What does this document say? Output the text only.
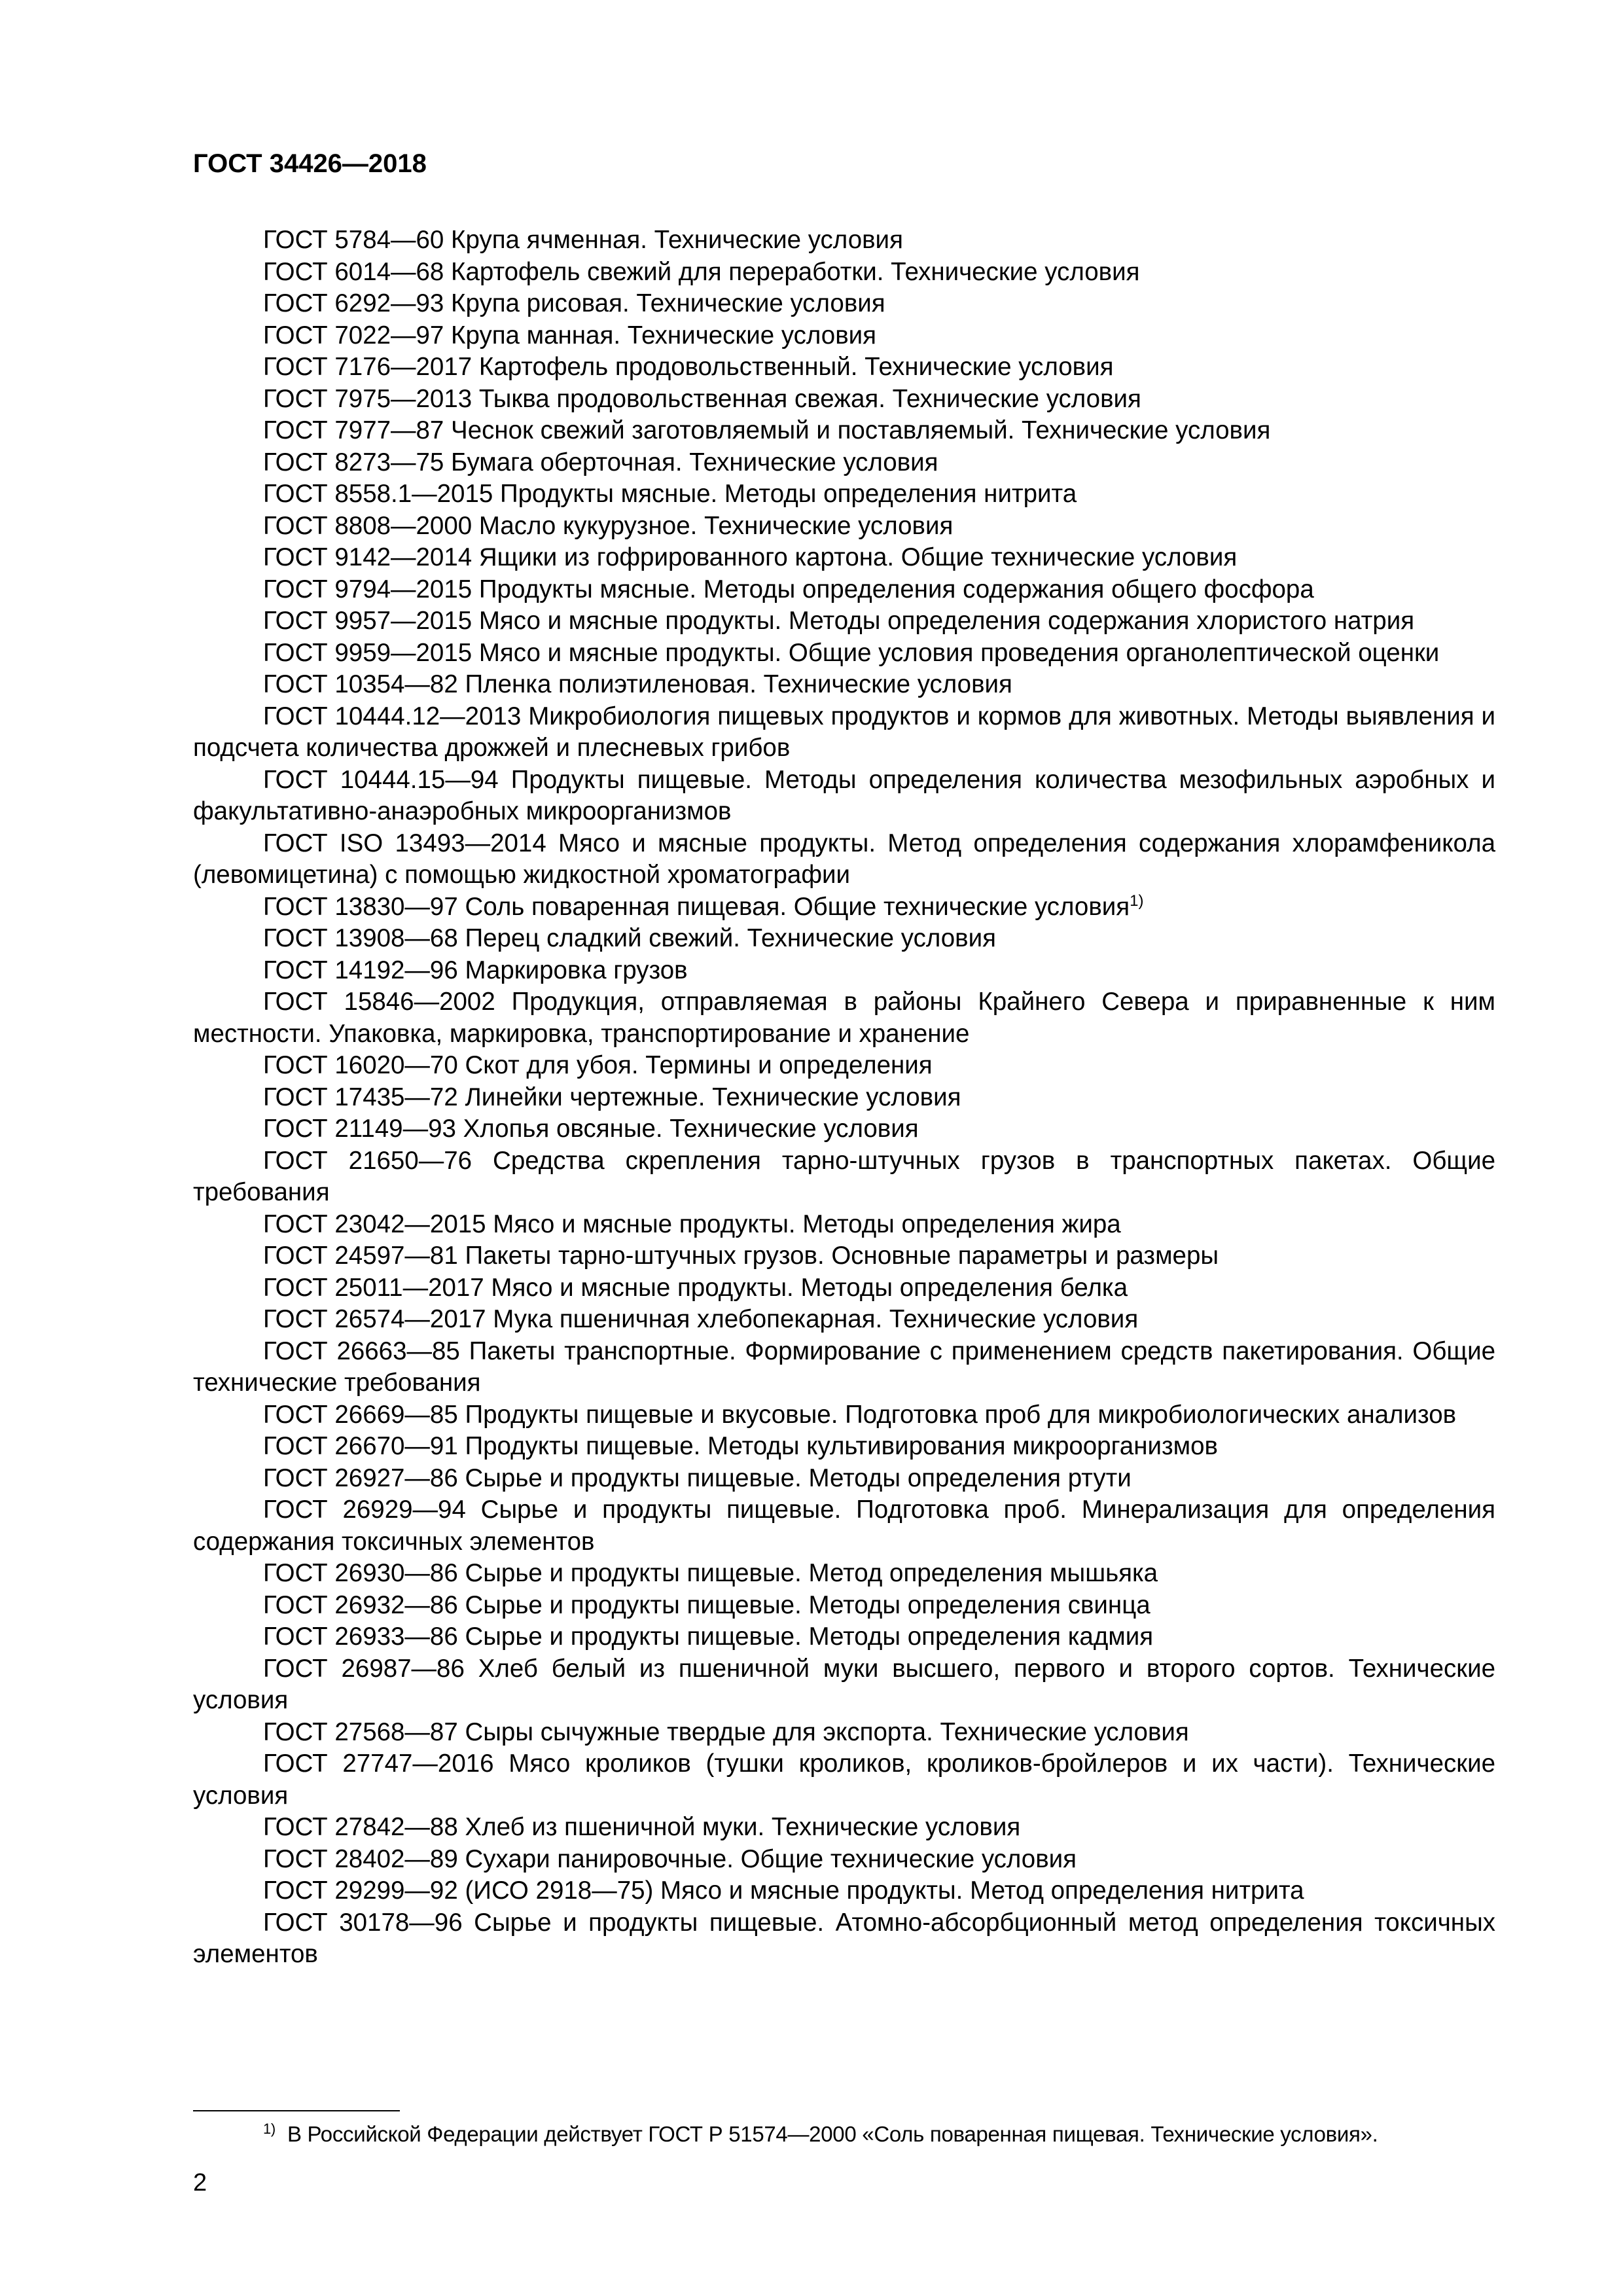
ГОСТ 34426—2018

ГОСТ 5784—60 Крупа ячменная. Технические условия

ГОСТ 6014—68 Картофель свежий для переработки. Технические условия

ГОСТ 6292—93 Крупа рисовая. Технические условия

ГОСТ 7022—97 Крупа манная. Технические условия

ГОСТ 7176—2017 Картофель продовольственный. Технические условия

ГОСТ 7975—2013 Тыква продовольственная свежая. Технические условия

ГОСТ 7977—87 Чеснок свежий заготовляемый и поставляемый. Технические условия

ГОСТ 8273—75 Бумага оберточная. Технические условия

ГОСТ 8558.1—2015 Продукты мясные. Методы определения нитрита

ГОСТ 8808—2000 Масло кукурузное. Технические условия

ГОСТ 9142—2014 Ящики из гофрированного картона. Общие технические условия

ГОСТ 9794—2015 Продукты мясные. Методы определения содержания общего фосфора

ГОСТ 9957—2015 Мясо и мясные продукты. Методы определения содержания хлористого натрия

ГОСТ 9959—2015 Мясо и мясные продукты. Общие условия проведения органолептической оценки

ГОСТ 10354—82 Пленка полиэтиленовая. Технические условия

ГОСТ 10444.12—2013 Микробиология пищевых продуктов и кормов для животных. Методы выявления и подсчета количества дрожжей и плесневых грибов

ГОСТ 10444.15—94 Продукты пищевые. Методы определения количества мезофильных аэробных и факультативно-анаэробных микроорганизмов

ГОСТ ISO 13493—2014 Мясо и мясные продукты. Метод определения содержания хлорамфеникола (левомицетина) с помощью жидкостной хроматографии

ГОСТ 13830—97 Соль поваренная пищевая. Общие технические условия$^{1)}$

ГОСТ 13908—68 Перец сладкий свежий. Технические условия

ГОСТ 14192—96 Маркировка грузов

ГОСТ 15846—2002 Продукция, отправляемая в районы Крайнего Севера и приравненные к ним местности. Упаковка, маркировка, транспортирование и хранение

ГОСТ 16020—70 Скот для убоя. Термины и определения

ГОСТ 17435—72 Линейки чертежные. Технические условия

ГОСТ 21149—93 Хлопья овсяные. Технические условия

ГОСТ 21650—76 Средства скрепления тарно-штучных грузов в транспортных пакетах. Общие требования

ГОСТ 23042—2015 Мясо и мясные продукты. Методы определения жира

ГОСТ 24597—81 Пакеты тарно-штучных грузов. Основные параметры и размеры

ГОСТ 25011—2017 Мясо и мясные продукты. Методы определения белка

ГОСТ 26574—2017 Мука пшеничная хлебопекарная. Технические условия

ГОСТ 26663—85 Пакеты транспортные. Формирование с применением средств пакетирования. Общие технические требования

ГОСТ 26669—85 Продукты пищевые и вкусовые. Подготовка проб для микробиологических анализов

ГОСТ 26670—91 Продукты пищевые. Методы культивирования микроорганизмов

ГОСТ 26927—86 Сырье и продукты пищевые. Методы определения ртути

ГОСТ 26929—94 Сырье и продукты пищевые. Подготовка проб. Минерализация для определения содержания токсичных элементов

ГОСТ 26930—86 Сырье и продукты пищевые. Метод определения мышьяка

ГОСТ 26932—86 Сырье и продукты пищевые. Методы определения свинца

ГОСТ 26933—86 Сырье и продукты пищевые. Методы определения кадмия

ГОСТ 26987—86 Хлеб белый из пшеничной муки высшего, первого и второго сортов. Технические условия

ГОСТ 27568—87 Сыры сычужные твердые для экспорта. Технические условия

ГОСТ 27747—2016 Мясо кроликов (тушки кроликов, кроликов-бройлеров и их части). Технические условия

ГОСТ 27842—88 Хлеб из пшеничной муки. Технические условия

ГОСТ 28402—89 Сухари панировочные. Общие технические условия

ГОСТ 29299—92 (ИСО 2918—75) Мясо и мясные продукты. Метод определения нитрита

ГОСТ 30178—96 Сырье и продукты пищевые. Атомно-абсорбционный метод определения токсичных элементов

$^{1)}$ В Российской Федерации действует ГОСТ Р 51574—2000 «Соль поваренная пищевая. Технические условия».
2
